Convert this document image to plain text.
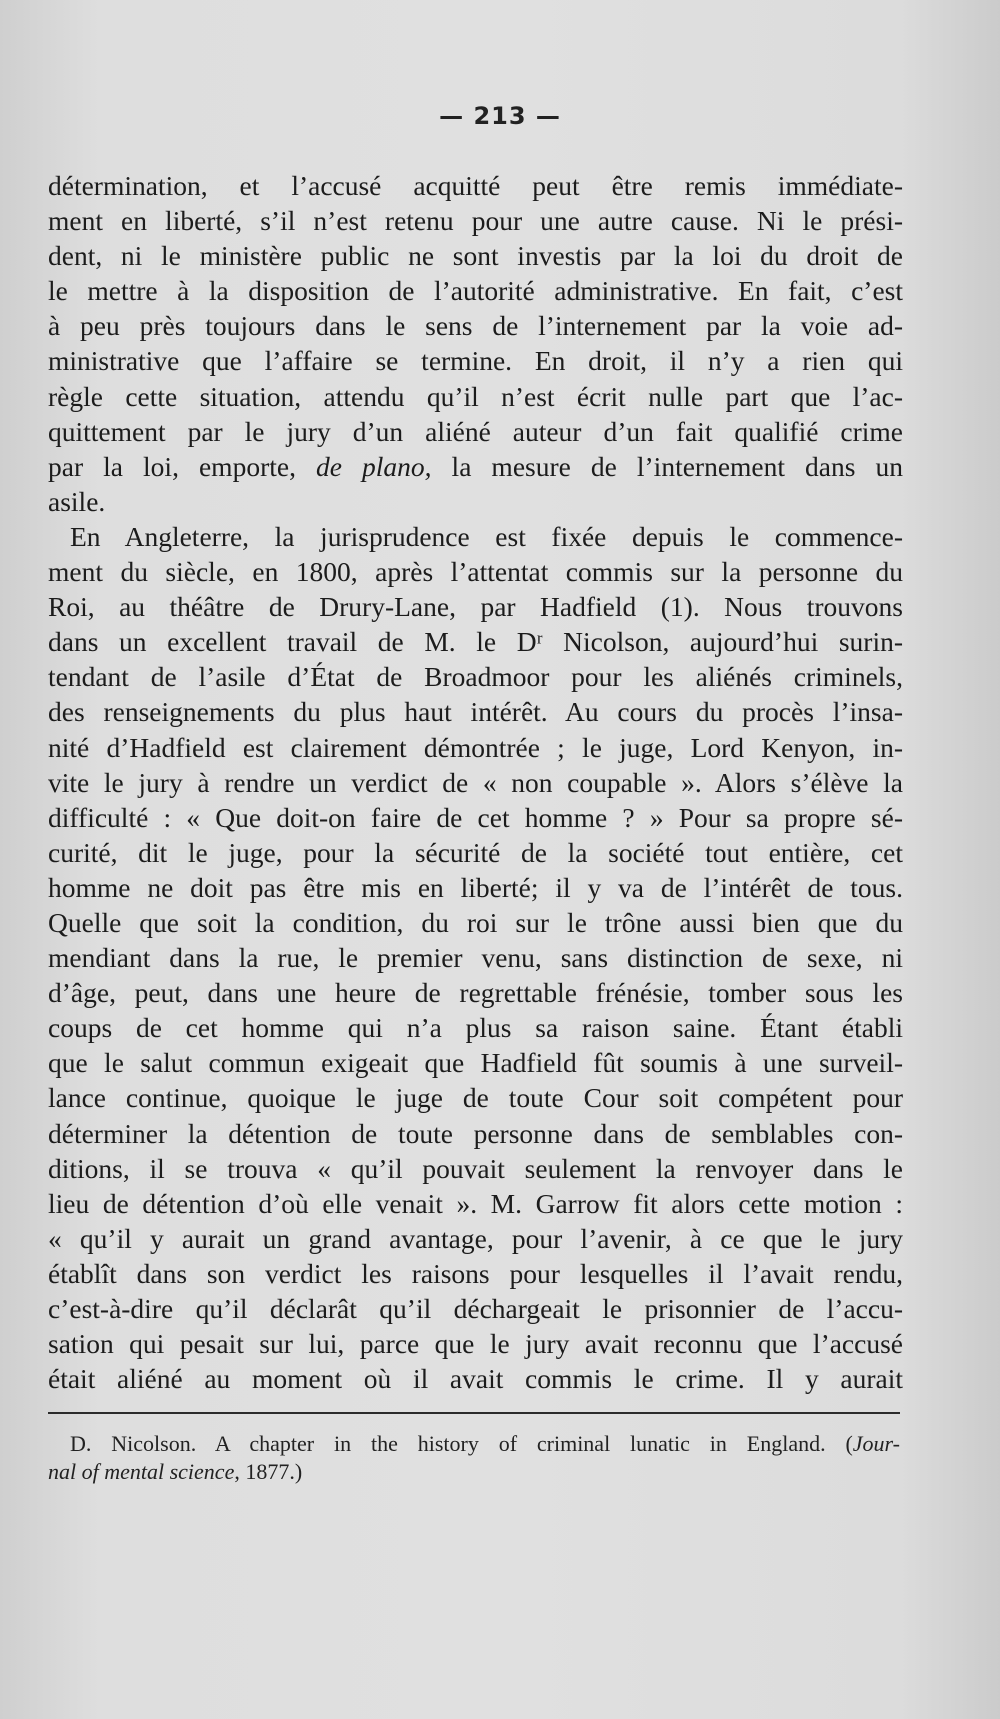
— 213 —
détermination, et l’accusé acquitté peut être remis immédiate-
ment en liberté, s’il n’est retenu pour une autre cause. Ni le prési-
dent, ni le ministère public ne sont investis par la loi du droit de
le mettre à la disposition de l’autorité administrative. En fait, c’est
à peu près toujours dans le sens de l’internement par la voie ad-
ministrative que l’affaire se termine. En droit, il n’y a rien qui
règle cette situation, attendu qu’il n’est écrit nulle part que l’ac-
quittement par le jury d’un aliéné auteur d’un fait qualifié crime
par la loi, emporte, de plano, la mesure de l’internement dans un
asile.
En Angleterre, la jurisprudence est fixée depuis le commence-
ment du siècle, en 1800, après l’attentat commis sur la personne du
Roi, au théâtre de Drury-Lane, par Hadfield (1). Nous trouvons
dans un excellent travail de M. le Dʳ Nicolson, aujourd’hui surin-
tendant de l’asile d’État de Broadmoor pour les aliénés criminels,
des renseignements du plus haut intérêt. Au cours du procès l’insa-
nité d’Hadfield est clairement démontrée ; le juge, Lord Kenyon, in-
vite le jury à rendre un verdict de « non coupable ». Alors s’élève la
difficulté : « Que doit-on faire de cet homme ? » Pour sa propre sé-
curité, dit le juge, pour la sécurité de la société tout entière, cet
homme ne doit pas être mis en liberté; il y va de l’intérêt de tous.
Quelle que soit la condition, du roi sur le trône aussi bien que du
mendiant dans la rue, le premier venu, sans distinction de sexe, ni
d’âge, peut, dans une heure de regrettable frénésie, tomber sous les
coups de cet homme qui n’a plus sa raison saine. Étant établi
que le salut commun exigeait que Hadfield fût soumis à une surveil-
lance continue, quoique le juge de toute Cour soit compétent pour
déterminer la détention de toute personne dans de semblables con-
ditions, il se trouva « qu’il pouvait seulement la renvoyer dans le
lieu de détention d’où elle venait ». M. Garrow fit alors cette motion :
« qu’il y aurait un grand avantage, pour l’avenir, à ce que le jury
établît dans son verdict les raisons pour lesquelles il l’avait rendu,
c’est-à-dire qu’il déclarât qu’il déchargeait le prisonnier de l’accu-
sation qui pesait sur lui, parce que le jury avait reconnu que l’accusé
était aliéné au moment où il avait commis le crime. Il y aurait
D. Nicolson. A chapter in the history of criminal lunatic in England. (Jour-
nal of mental science, 1877.)
